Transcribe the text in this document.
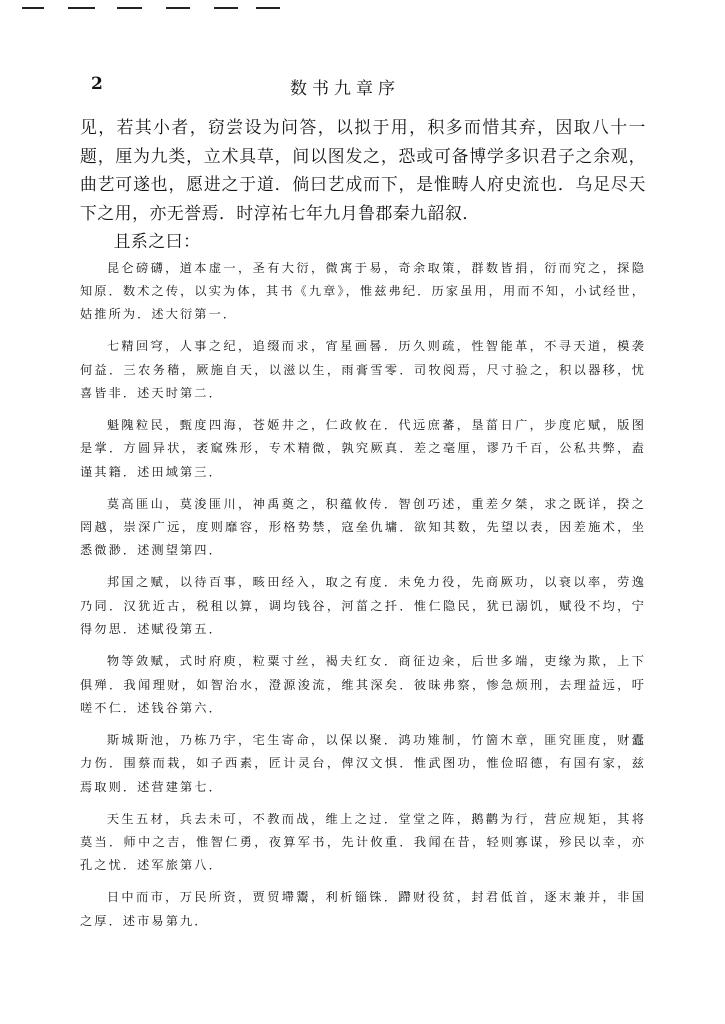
2	数书九章序

见，若其小者，窃尝设为问答，以拟于用，积多而惜其弃，因取八十一题，厘为九类，立术具草，间以图发之，恐或可备博学多识君子之余观，曲艺可遂也，愿进之于道．倘曰艺成而下，是惟畴人府史流也．乌足尽天下之用，亦无誉焉．时淳祐七年九月鲁郡秦九韶叙．

且系之曰：

昆仑磅礴，道本虚一，圣有大衍，微寓于易，奇余取策，群数皆捐，衍而究之，探隐知原．数术之传，以实为体，其书《九章》，惟兹弗纪．历家虽用，用而不知，小试经世，姑推所为．述大衍第一．

七精回穹，人事之纪，追缀而求，宵星画晷．历久则疏，性智能革，不寻天道，模袭何益．三农务穑，厥施自天，以滋以生，雨膏雪零．司牧阅焉，尺寸验之，积以器移，忧喜皆非．述天时第二．

魁隗粒民，甄度四海，苍姬井之，仁政攸在．代远庶蕃，垦菑日广，步度庀赋，版图是掌．方圆异状，袤窳殊形，专术精微，孰究厥真．差之毫厘，谬乃千百，公私共弊，盍谨其籍．述田域第三．

莫高匪山，莫浚匪川，神禹奠之，积蕴攸传．智创巧述，重差夕桀，求之既详，揆之罔越，崇深广远，度则靡容，形格势禁，寇垒仇墉．欲知其数，先望以表，因差施术，坐悉微渺．述测望第四．

邦国之赋，以待百事，畡田经入，取之有度．未免力役，先商厥功，以衰以率，劳逸乃同．汉犹近古，税租以算，调均钱谷，河菑之扦．惟仁隐民，犹已溺饥，赋役不均，宁得勿思．述赋役第五．

物等敛赋，式时府庾，粒粟寸丝，褐夫红女．商征边籴，后世多端，吏缘为欺，上下俱殚．我闻理财，如智治水，澄源浚流，维其深矣．彼昧弗察，惨急烦刑，去理益远，吁嗟不仁．述钱谷第六．

斯城斯池，乃栋乃宇，宅生寄命，以保以聚．鸿功雉制，竹箇木章，匪究匪度，财蠹力伤．围蔡而栽，如子西素，匠计灵台，俾汉文惧．惟武图功，惟俭昭德，有国有家，兹焉取则．述营建第七．

天生五材，兵去未可，不教而战，维上之过．堂堂之阵，鹅鹳为行，营应规矩，其将莫当．师中之吉，惟智仁勇，夜算军书，先计攸重．我闻在昔，轻则寡谋，殄民以幸，亦孔之忧．述军旅第八．

日中而市，万民所资，贾贸墆鬻，利析锱铢．蹛财役贫，封君低首，逐末兼并，非国之厚．述市易第九．
